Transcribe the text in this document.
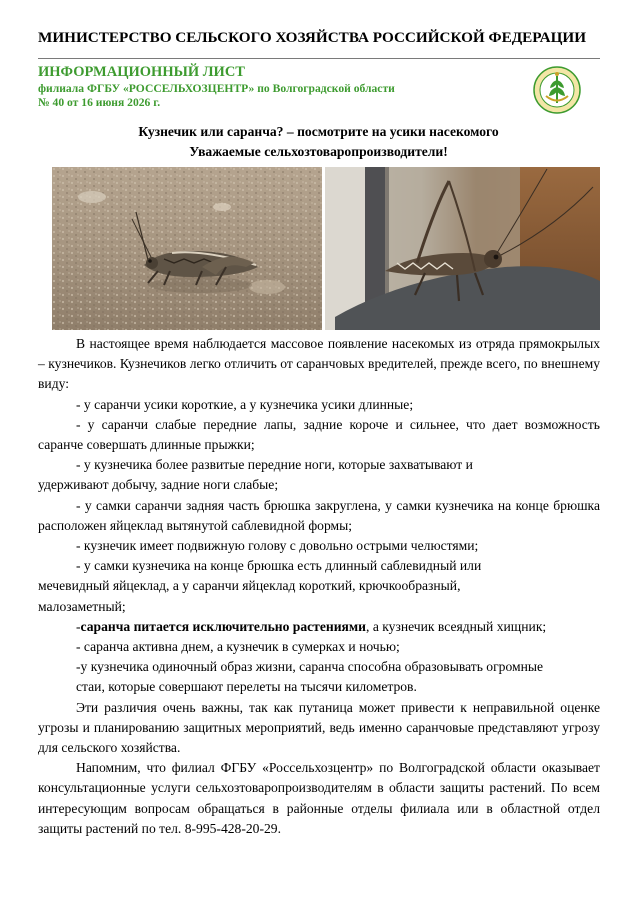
МИНИСТЕРСТВО СЕЛЬСКОГО ХОЗЯЙСТВА РОССИЙСКОЙ ФЕДЕРАЦИИ
ИНФОРМАЦИОННЫЙ ЛИСТ
филиала ФГБУ «РОССЕЛЬХОЗЦЕНТР» по Волгоградской области
№ 40 от 16 июня 2026 г.
Кузнечик или саранча? – посмотрите на усики насекомого
Уважаемые сельхозтоваропроизводители!

В настоящее время наблюдается массовое появление насекомых из отряда прямокрылых – кузнечиков. Кузнечиков легко отличить от саранчовых вредителей, прежде всего, по внешнему виду:

- у саранчи усики короткие, а у кузнечика усики длинные;

- у саранчи слабые передние лапы, задние короче и сильнее, что дает возможность саранче совершать длинные прыжки;

- у кузнечика более развитые передние ноги, которые захватывают и

удерживают добычу, задние ноги слабые;

- у самки саранчи задняя часть брюшка закруглена, у самки кузнечика на конце брюшка расположен яйцеклад вытянутой саблевидной формы;

- кузнечик имеет подвижную голову с довольно острыми челюстями;

- у самки кузнечика на конце брюшка есть длинный саблевидный или

мечевидный яйцеклад, а у саранчи яйцеклад короткий, крючкообразный,

малозаметный;

-саранча питается исключительно растениями, а кузнечик всеядный хищник;

- саранча активна днем, а кузнечик в сумерках и ночью;

-у кузнечика одиночный образ жизни, саранча способна образовывать огромные

стаи, которые совершают перелеты на тысячи километров.

Эти различия очень важны, так как путаница может привести к неправильной оценке угрозы и планированию защитных мероприятий, ведь именно саранчовые представляют угрозу для сельского хозяйства.

Напомним, что филиал ФГБУ «Россельхозцентр» по Волгоградской области оказывает консультационные услуги сельхозтоваропроизводителям в области защиты растений. По всем интересующим вопросам обращаться в районные отделы филиала или в областной отдел защиты растений по тел. 8-995-428-20-29.
